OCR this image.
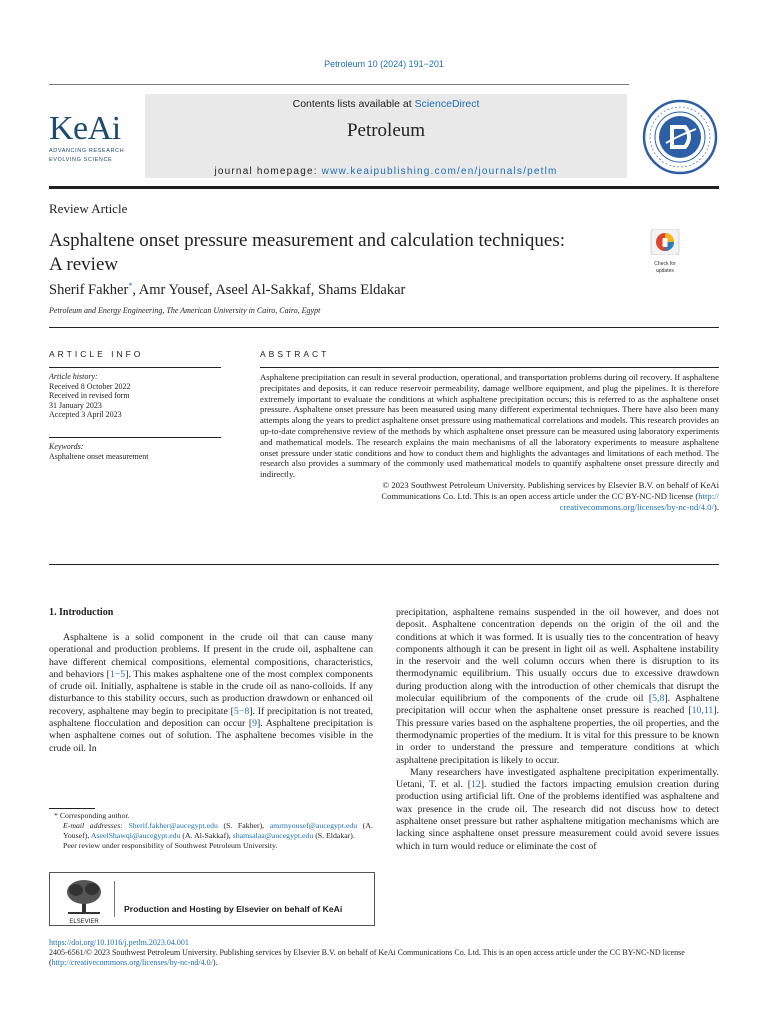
Petroleum 10 (2024) 191−201
KeAi
ADVANCING RESEARCH
EVOLVING SCIENCE
Contents lists available at ScienceDirect
Petroleum
journal homepage: www.keaipublishing.com/en/journals/petlm
Review Article
Asphaltene onset pressure measurement and calculation techniques:
A review	Check for
updates
Sherif Fakher*, Amr Yousef, Aseel Al-Sakkaf, Shams Eldakar
Petroleum and Energy Engineering, The American University in Cairo, Cairo, Egypt
ARTICLE INFO
Article history:
Received 8 October 2022
Received in revised form
31 January 2023
Accepted 3 April 2023
Keywords:
Asphaltene onset measurement
ABSTRACT
Asphaltene precipitation can result in several production, operational, and transportation problems during oil recovery. If asphaltene precipitates and deposits, it can reduce reservoir permeability, damage wellbore equipment, and plug the pipelines. It is therefore extremely important to evaluate the conditions at which asphaltene precipitation occurs; this is referred to as the asphaltene onset pressure. Asphaltene onset pressure has been measured using many different experimental techniques. There have also been many attempts along the years to predict asphaltene onset pressure using mathematical correlations and models. This research provides an up-to-date comprehensive review of the methods by which asphaltene onset pressure can be measured using laboratory experiments and mathematical models. The research explains the main mechanisms of all the laboratory experiments to measure asphaltene onset pressure under static conditions and how to conduct them and highlights the advantages and limitations of each method. The research also provides a summary of the commonly used mathematical models to quantify asphaltene onset pressure directly and indirectly.
© 2023 Southwest Petroleum University. Publishing services by Elsevier B.V. on behalf of KeAi
Communications Co. Ltd. This is an open access article under the CC BY-NC-ND license (http://
creativecommons.org/licenses/by-nc-nd/4.0/).
1. Introduction

Asphaltene is a solid component in the crude oil that can cause many operational and production problems. If present in the crude oil, asphaltene can have different chemical compositions, elemental compositions, characteristics, and behaviors [1−5]. This makes asphaltene one of the most complex components of crude oil. Initially, asphaltene is stable in the crude oil as nano-colloids. If any disturbance to this stability occurs, such as production drawdown or enhanced oil recovery, asphaltene may begin to precipitate [5−8]. If precipitation is not treated, asphaltene flocculation and deposition can occur [9]. Asphaltene precipitation is when asphaltene comes out of solution. The asphaltene becomes visible in the crude oil. In

precipitation, asphaltene remains suspended in the oil however, and does not deposit. Asphaltene concentration depends on the origin of the oil and the conditions at which it was formed. It is usually ties to the concentration of heavy components although it can be present in light oil as well. Asphaltene instability in the reservoir and the well column occurs when there is disruption to its thermodynamic equilibrium. This usually occurs due to excessive drawdown during production along with the introduction of other chemicals that disrupt the molecular equilibrium of the components of the crude oil [5,8]. Asphaltene precipitation will occur when the asphaltene onset pressure is reached [10,11]. This pressure varies based on the asphaltene properties, the oil properties, and the thermodynamic properties of the medium. It is vital for this pressure to be known in order to understand the pressure and temperature conditions at which asphaltene precipitation is likely to occur.

Many researchers have investigated asphaltene precipitation experimentally. Uetani, T. et al. [12]. studied the factors impacting emulsion creation during production using artificial lift. One of the problems identified was asphaltene and wax presence in the crude oil. The research did not discuss how to detect asphaltene onset pressure but rather asphaltene mitigation mechanisms which are lacking since asphaltene onset pressure measurement could avoid severe issues which in turn would reduce or eliminate the cost of

* Corresponding author.
E-mail addresses: Sherif.fakher@aucegypt.edu (S. Fakher), amrmyousef@aucegypt.edu (A. Yousef), AseelShawqi@aucegypt.edu (A. Al-Sakkaf), shamsalaa@aucegypt.edu (S. Eldakar).
Peer review under responsibility of Southwest Petroleum University.
ELSEVIER
Production and Hosting by Elsevier on behalf of KeAi
https://doi.org/10.1016/j.petlm.2023.04.001
2405-6561/© 2023 Southwest Petroleum University. Publishing services by Elsevier B.V. on behalf of KeAi Communications Co. Ltd. This is an open access article under the CC BY-NC-ND license (http://creativecommons.org/licenses/by-nc-nd/4.0/).
